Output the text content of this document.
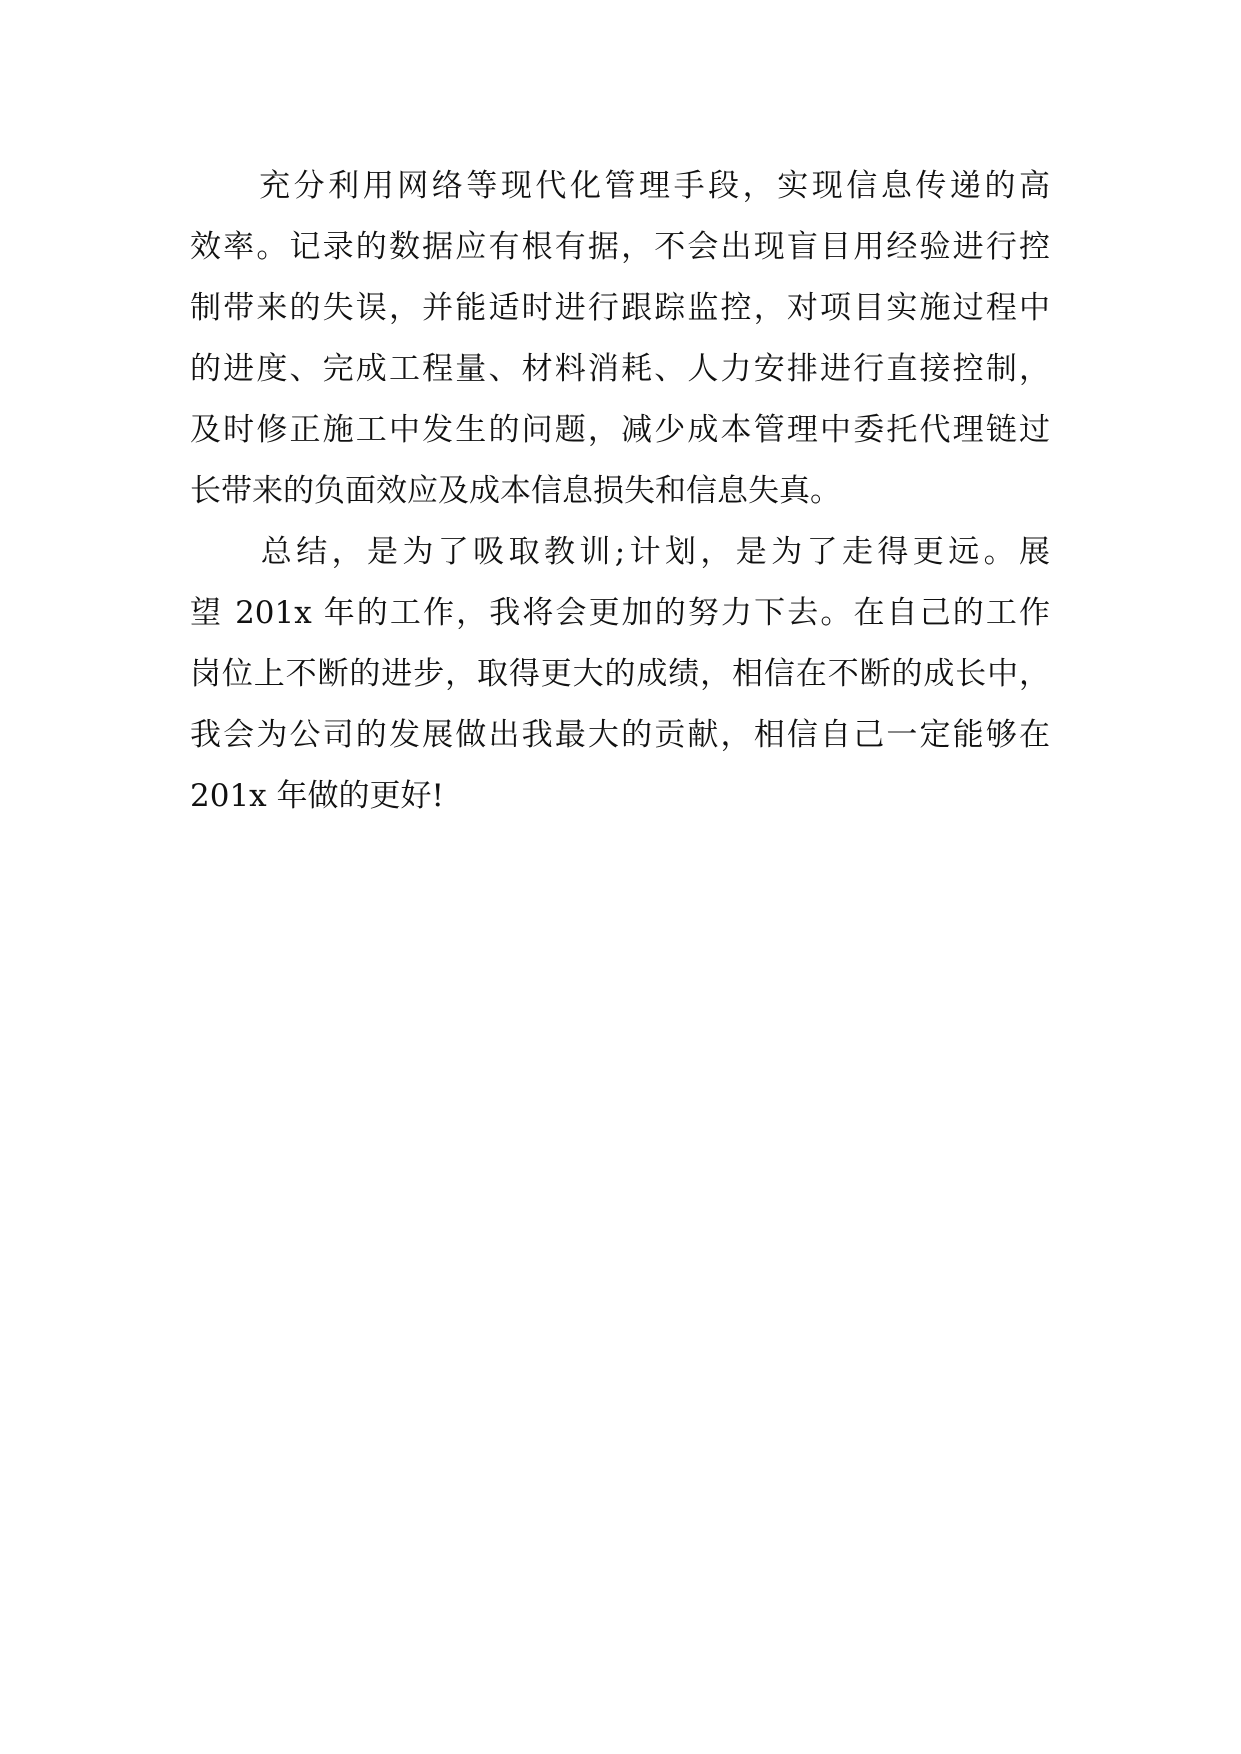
　　充分利用网络等现代化管理手段，实现信息传递的高
效率。记录的数据应有根有据，不会出现盲目用经验进行控
制带来的失误，并能适时进行跟踪监控，对项目实施过程中
的进度、完成工程量、材料消耗、人力安排进行直接控制，
及时修正施工中发生的问题，减少成本管理中委托代理链过
长带来的负面效应及成本信息损失和信息失真。
　　总结，是为了吸取教训;计划，是为了走得更远。展
望 201x 年的工作，我将会更加的努力下去。在自己的工作
岗位上不断的进步，取得更大的成绩，相信在不断的成长中，
我会为公司的发展做出我最大的贡献，相信自己一定能够在
201x 年做的更好!
